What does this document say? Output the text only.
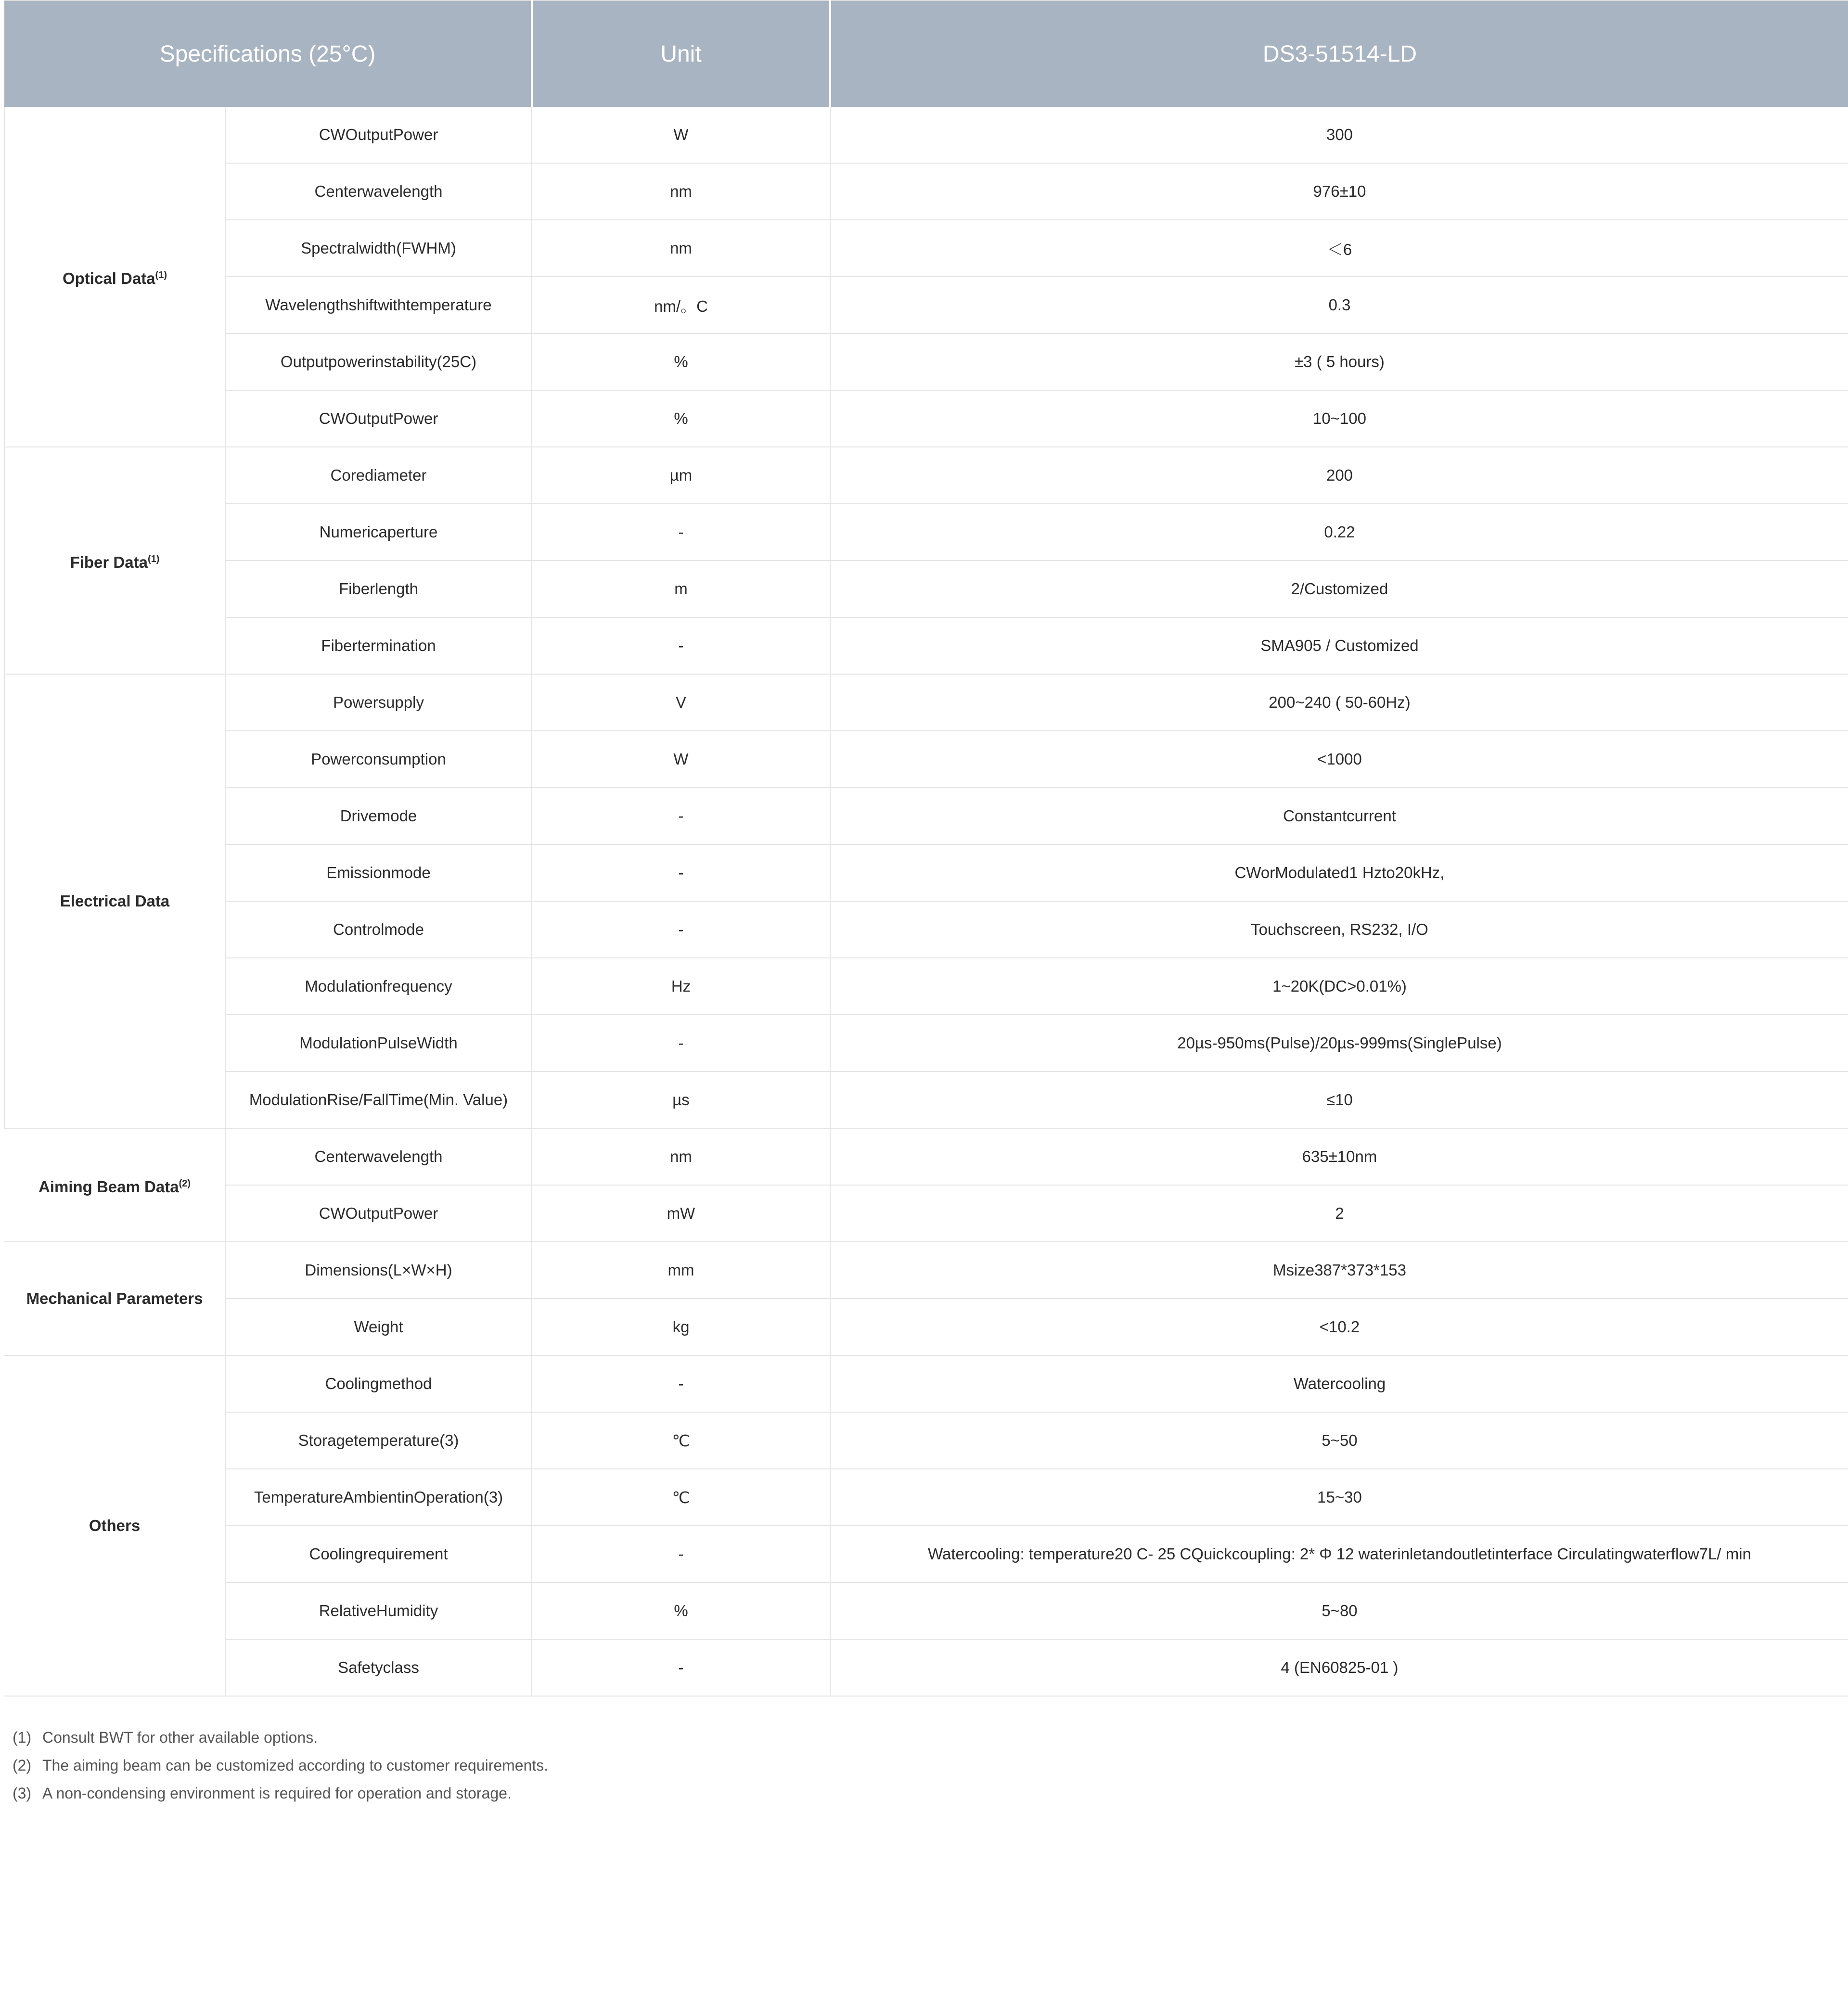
Specifications (25°C)		Unit	DS3-51514-LD
Optical Data$^{(1)}$	CWOutputPower	W	300
	Centerwavelength	nm	976±10
	Spectralwidth(FWHM)	nm	＜6
	Wavelengthshiftwithtemperature	nm/。C	0.3
	Outputpowerinstability(25C)	%	±3 ( 5 hours)
	CWOutputPower	%	10~100
Fiber Data$^{(1)}$	Corediameter	µm	200
	Numericaperture	-	0.22
	Fiberlength	m	2/Customized
	Fibertermination	-	SMA905 / Customized
Electrical Data	Powersupply	V	200~240 ( 50-60Hz)
	Powerconsumption	W	<1000
	Drivemode	-	Constantcurrent
	Emissionmode	-	CWorModulated1 Hzto20kHz,
	Controlmode	-	Touchscreen, RS232, I/O
	Modulationfrequency	Hz	1~20K(DC>0.01%)
	ModulationPulseWidth	-	20µs-950ms(Pulse)/20µs-999ms(SinglePulse)
	ModulationRise/FallTime(Min. Value)	µs	≤10
Aiming Beam Data$^{(2)}$	Centerwavelength	nm	635±10nm
	CWOutputPower	mW	2
Mechanical Parameters	Dimensions(L×W×H)	mm	Msize387*373*153
	Weight	kg	<10.2
Others	Coolingmethod	-	Watercooling
	Storagetemperature(3)	℃	5~50
	TemperatureAmbientinOperation(3)	℃	15~30
	Coolingrequirement	-	Watercooling: temperature20 C- 25 CQuickcoupling: 2* Φ 12 waterinletandoutletinterface Circulatingwaterflow7L/ min
	RelativeHumidity	%	5~80
	Safetyclass	-	4 (EN60825-01 )
(1) Consult BWT for other available options.
(2) The aiming beam can be customized according to customer requirements.
(3) A non-condensing environment is required for operation and storage.
